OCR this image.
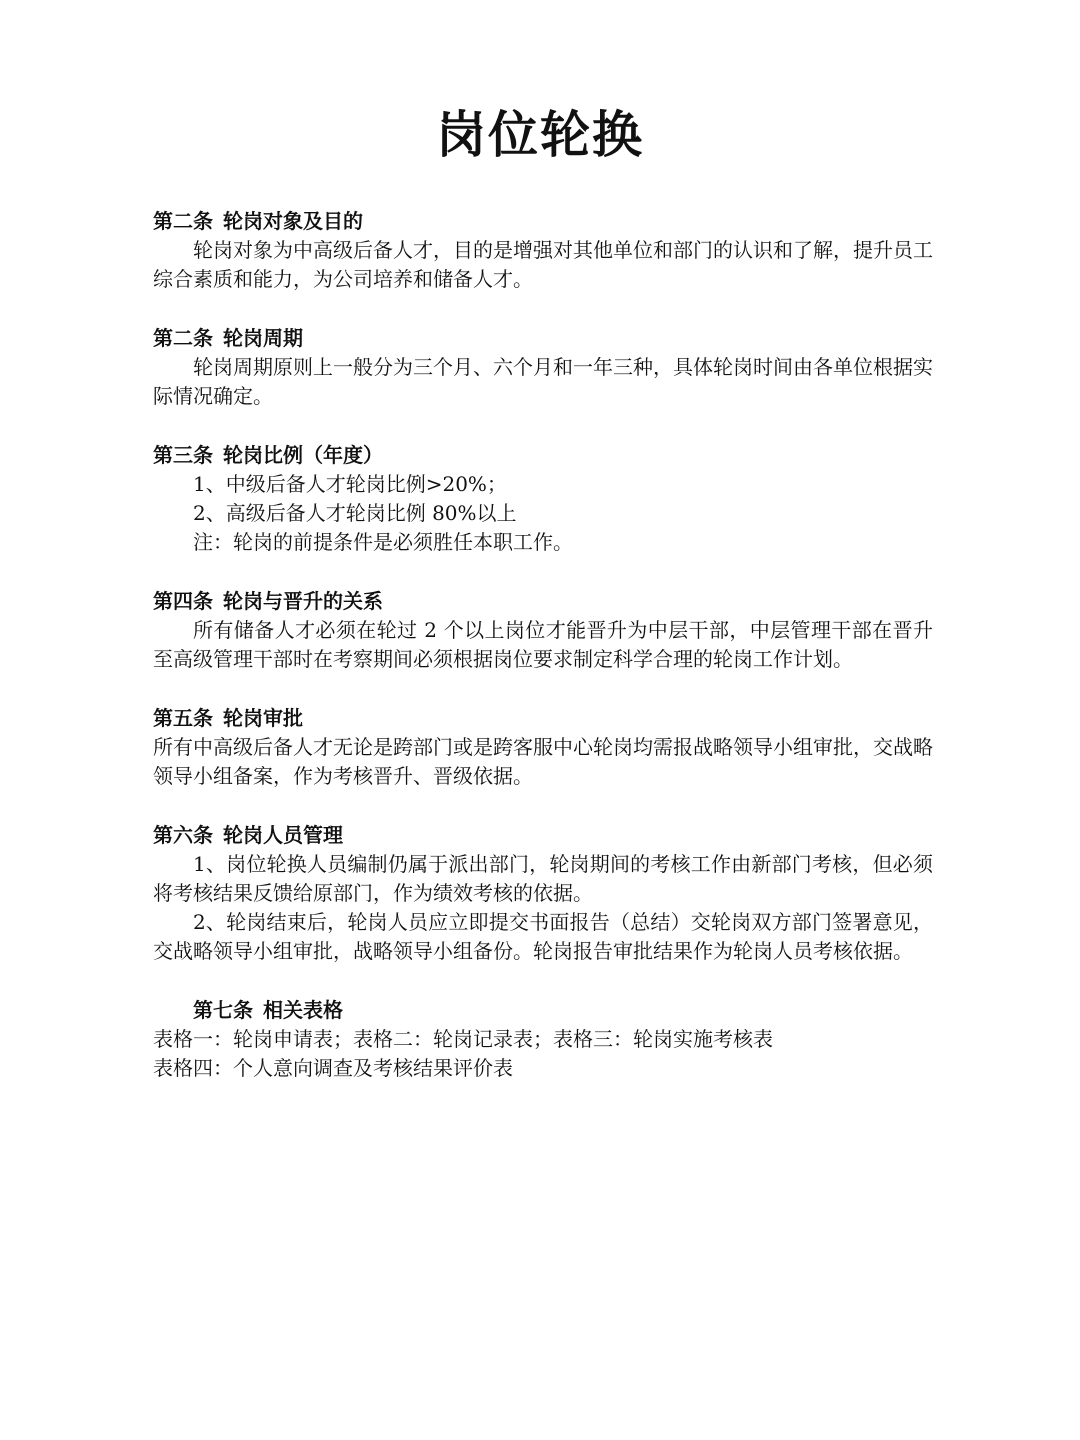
岗位轮换

第二条 轮岗对象及目的

轮岗对象为中高级后备人才，目的是增强对其他单位和部门的认识和了解，提升员工综合素质和能力，为公司培养和储备人才。

第二条 轮岗周期

轮岗周期原则上一般分为三个月、六个月和一年三种，具体轮岗时间由各单位根据实际情况确定。

第三条 轮岗比例（年度）

1、中级后备人才轮岗比例>20%；

2、高级后备人才轮岗比例 80%以上

注：轮岗的前提条件是必须胜任本职工作。

第四条 轮岗与晋升的关系

所有储备人才必须在轮过 2 个以上岗位才能晋升为中层干部，中层管理干部在晋升至高级管理干部时在考察期间必须根据岗位要求制定科学合理的轮岗工作计划。

第五条 轮岗审批

所有中高级后备人才无论是跨部门或是跨客服中心轮岗均需报战略领导小组审批，交战略领导小组备案，作为考核晋升、晋级依据。

第六条 轮岗人员管理

1、岗位轮换人员编制仍属于派出部门，轮岗期间的考核工作由新部门考核，但必须将考核结果反馈给原部门，作为绩效考核的依据。

2、轮岗结束后，轮岗人员应立即提交书面报告（总结）交轮岗双方部门签署意见，交战略领导小组审批，战略领导小组备份。轮岗报告审批结果作为轮岗人员考核依据。

第七条 相关表格

表格一：轮岗申请表；表格二：轮岗记录表；表格三：轮岗实施考核表

表格四：个人意向调查及考核结果评价表
